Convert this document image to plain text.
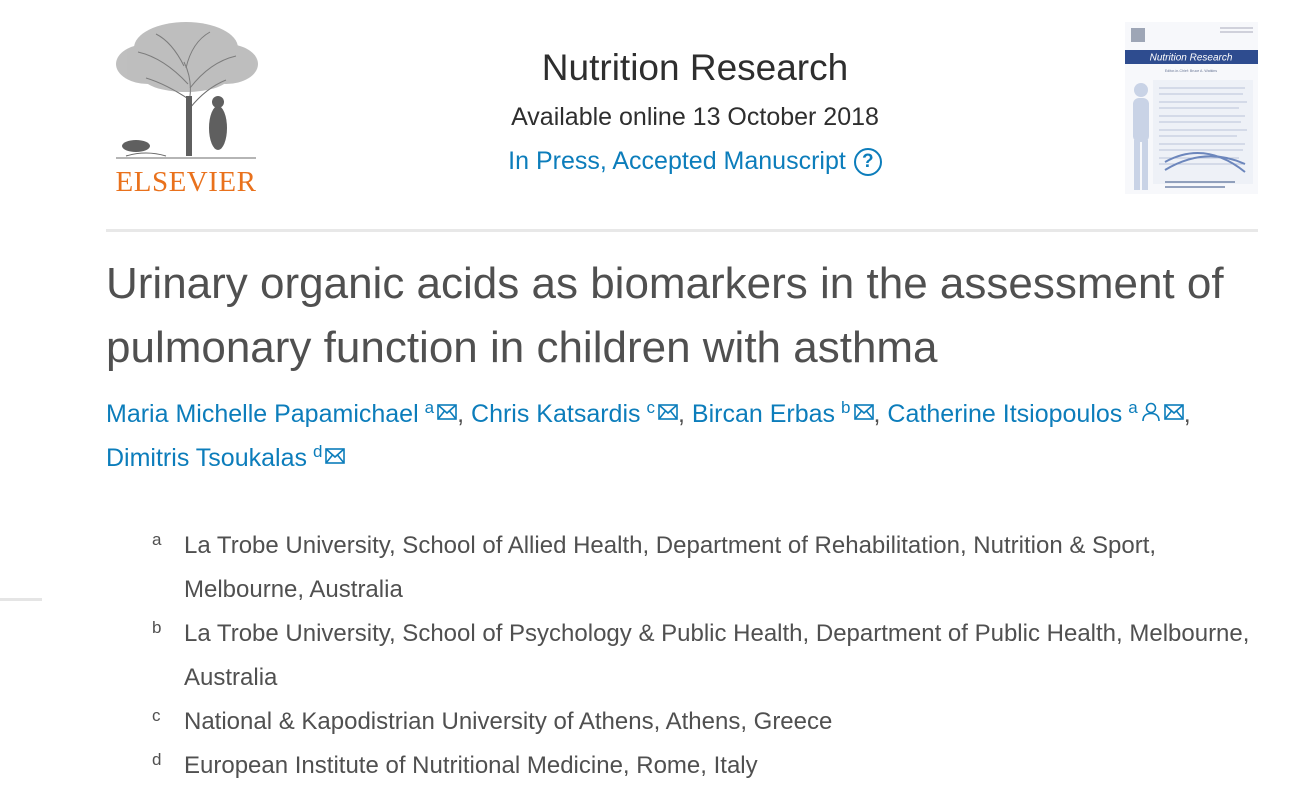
ELSEVIER
Nutrition Research
Available online 13 October 2018
In Press, Accepted Manuscript ?
Nutrition Research
Editor-in-Chief: Bruce A. Watkins
Urinary organic acids as biomarkers in the assessment of pulmonary function in children with asthma
Maria Michelle Papamichael $^a$ , Chris Katsardis $^c$ , Bircan Erbas $^b$ , Catherine Itsiopoulos $^a$ , Dimitris Tsoukalas $^d$
a La Trobe University, School of Allied Health, Department of Rehabilitation, Nutrition & Sport, Melbourne, Australia
b La Trobe University, School of Psychology & Public Health, Department of Public Health, Melbourne, Australia
c National & Kapodistrian University of Athens, Athens, Greece
d European Institute of Nutritional Medicine, Rome, Italy
